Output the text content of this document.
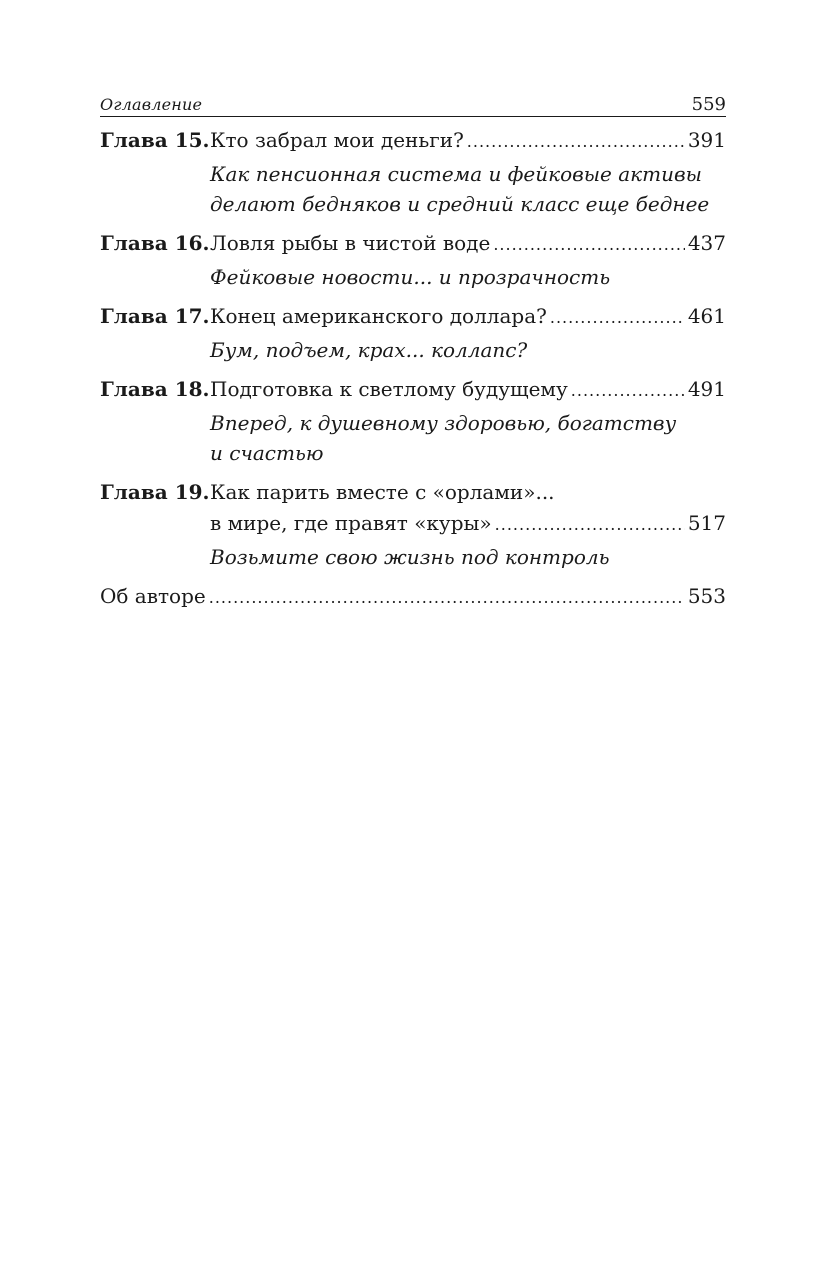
Оглавление	559
Глава 15. Кто забрал мои деньги? .....	391
Как пенсионная система и фейковые активы
делают бедняков и средний класс еще беднее
Глава 16. Ловля рыбы в чистой воде .....	437
Фейковые новости... и прозрачность
Глава 17. Конец американского доллара? .....	461
Бум, подъем, крах... коллапс?
Глава 18. Подготовка к светлому будущему .....	491
Вперед, к душевному здоровью, богатству
и счастью
Глава 19. Как парить вместе с «орлами»...
в мире, где правят «куры» .....	517
Возьмите свою жизнь под контроль
Об авторе .....	553
